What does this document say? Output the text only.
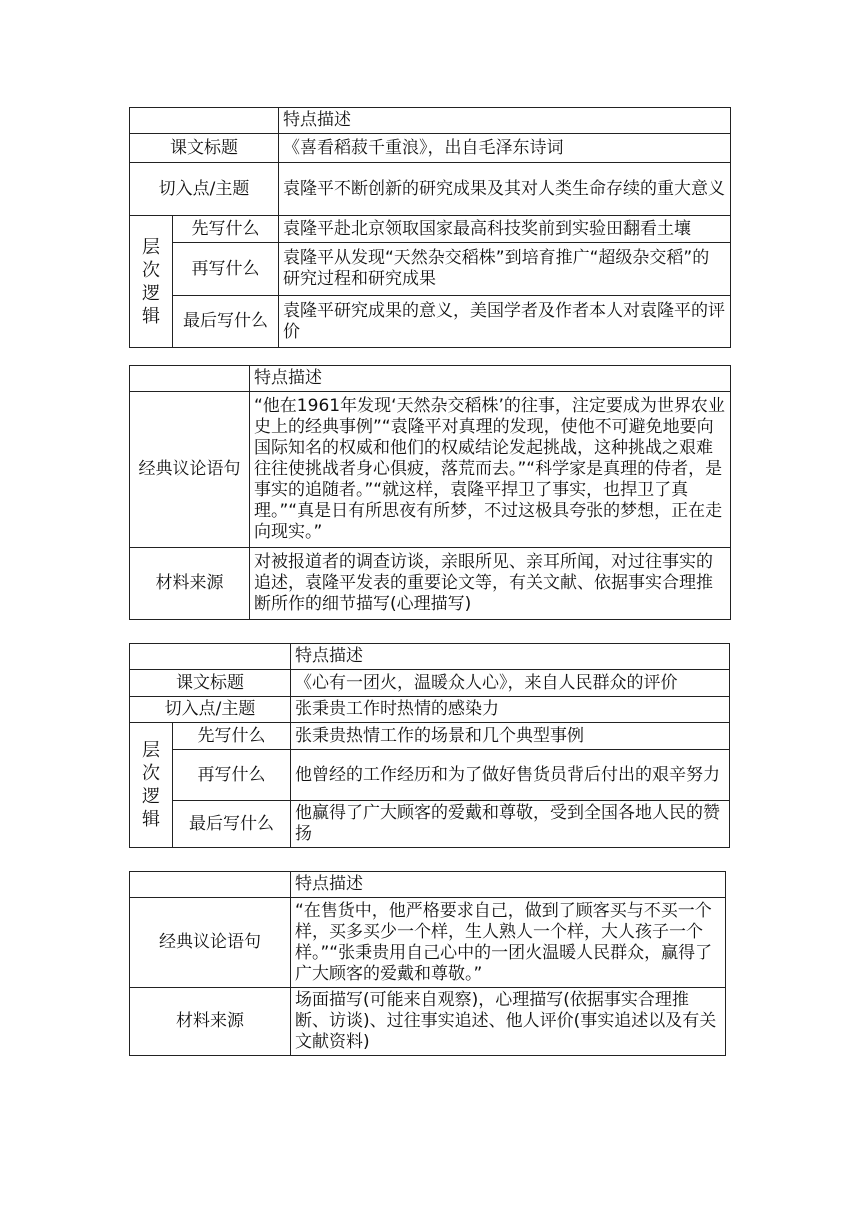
		特点描述
课文标题		《喜看稻菽千重浪》，出自毛泽东诗词
切入点/主题		袁隆平不断创新的研究成果及其对人类生命存续的重大意义

层
次
逻
辑	先写什么	袁隆平赴北京领取国家最高科技奖前到实验田翻看土壤
	再写什么	袁隆平从发现“天然杂交稻株”到培育推广“超级杂交稻”的研究过程和研究成果
	最后写什么	袁隆平研究成果的意义，美国学者及作者本人对袁隆平的评价
	特点描述
经典议论语句	“他在1961年发现‘天然杂交稻株’的往事，注定要成为世界农业史上的经典事例”“袁隆平对真理的发现，使他不可避免地要向国际知名的权威和他们的权威结论发起挑战，这种挑战之艰难往往使挑战者身心俱疲，落荒而去。”“科学家是真理的侍者，是事实的追随者。”“就这样，袁隆平捍卫了事实，也捍卫了真理。”“真是日有所思夜有所梦，不过这极具夸张的梦想，正在走向现实。”
材料来源	对被报道者的调查访谈，亲眼所见、亲耳所闻，对过往事实的追述，袁隆平发表的重要论文等，有关文献、依据事实合理推断所作的细节描写(心理描写)
		特点描述
课文标题		《心有一团火，温暖众人心》，来自人民群众的评价
切入点/主题		张秉贵工作时热情的感染力

层
次
逻
辑	先写什么	张秉贵热情工作的场景和几个典型事例
	再写什么	他曾经的工作经历和为了做好售货员背后付出的艰辛努力
	最后写什么	他赢得了广大顾客的爱戴和尊敬，受到全国各地人民的赞扬
	特点描述
经典议论语句	“在售货中，他严格要求自己，做到了顾客买与不买一个样，买多买少一个样，生人熟人一个样，大人孩子一个样。”“张秉贵用自己心中的一团火温暖人民群众，赢得了广大顾客的爱戴和尊敬。”
材料来源	场面描写(可能来自观察)，心理描写(依据事实合理推断、访谈)、过往事实追述、他人评价(事实追述以及有关文献资料)
